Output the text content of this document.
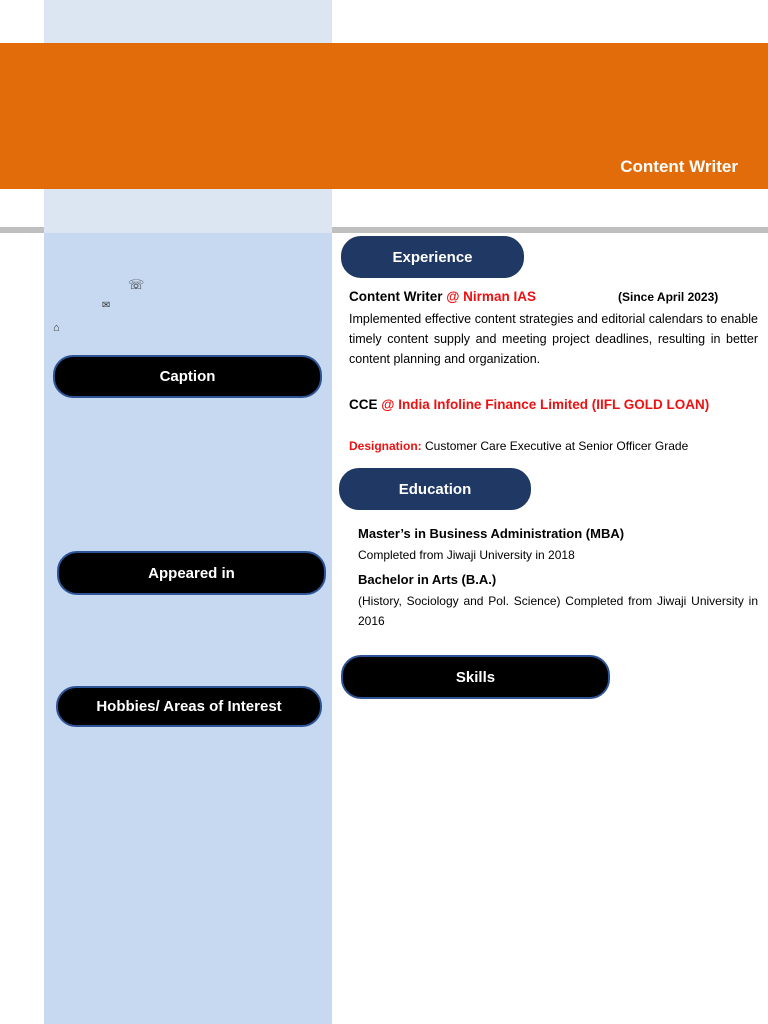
Content Writer
☏
✉
⌂
Caption
Appeared in
Hobbies/ Areas of Interest
Experience
Content Writer @ Nirman IAS	(Since April 2023)
Implemented effective content strategies and editorial calendars to enable timely content supply and meeting project deadlines, resulting in better content planning and organization.
CCE @ India Infoline Finance Limited (IIFL GOLD LOAN)
Designation: Customer Care Executive at Senior Officer Grade
Education
Master’s in Business Administration (MBA)
Completed from Jiwaji University in 2018
Bachelor in Arts (B.A.)
(History, Sociology and Pol. Science) Completed from Jiwaji University in 2016
Skills
